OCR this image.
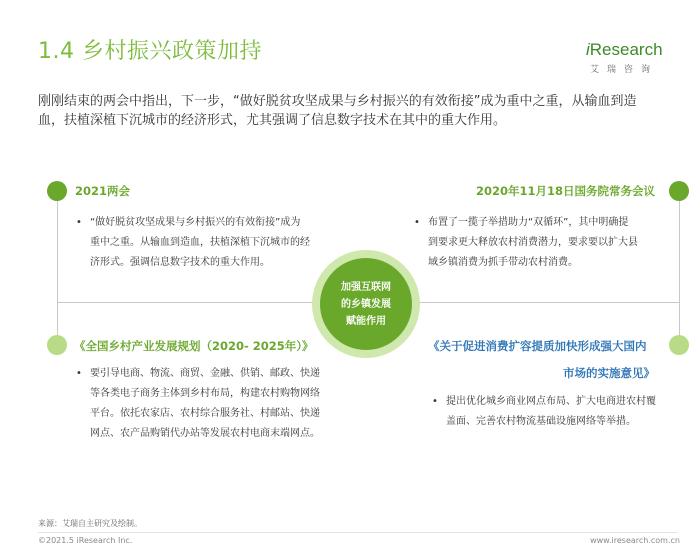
1.4 乡村振兴政策加持	iResearch
艾瑞咨询
刚刚结束的两会中指出，下一步，“做好脱贫攻坚成果与乡村振兴的有效衔接”成为重中之重，从输血到造血，扶植深植下沉城市的经济形式，尤其强调了信息数字技术在其中的重大作用。
加强互联网
的乡镇发展
赋能作用
2021两会
• “做好脱贫攻坚成果与乡村振兴的有效衔接”成为
重中之重。从输血到造血，扶植深植下沉城市的经
济形式。强调信息数字技术的重大作用。
2020年11月18日国务院常务会议
• 布置了一揽子举措助力“双循环”，其中明确提
到要求更大释放农村消费潜力，要求要以扩大县
域乡镇消费为抓手带动农村消费。
《全国乡村产业发展规划（2020- 2025年）》
• 要引导电商、物流、商贸、金融、供销、邮政、快递
等各类电子商务主体到乡村布局，构建农村购物网络
平台。依托农家店、农村综合服务社、村邮站、快递
网点、农产品购销代办站等发展农村电商末端网点。
《关于促进消费扩容提质加快形成强大国内
市场的实施意见》
• 提出优化城乡商业网点布局、扩大电商进农村覆
盖面、完善农村物流基础设施网络等举措。
来源：艾瑞自主研究及绘制。
©2021.5 iResearch Inc.	www.iresearch.com.cn
